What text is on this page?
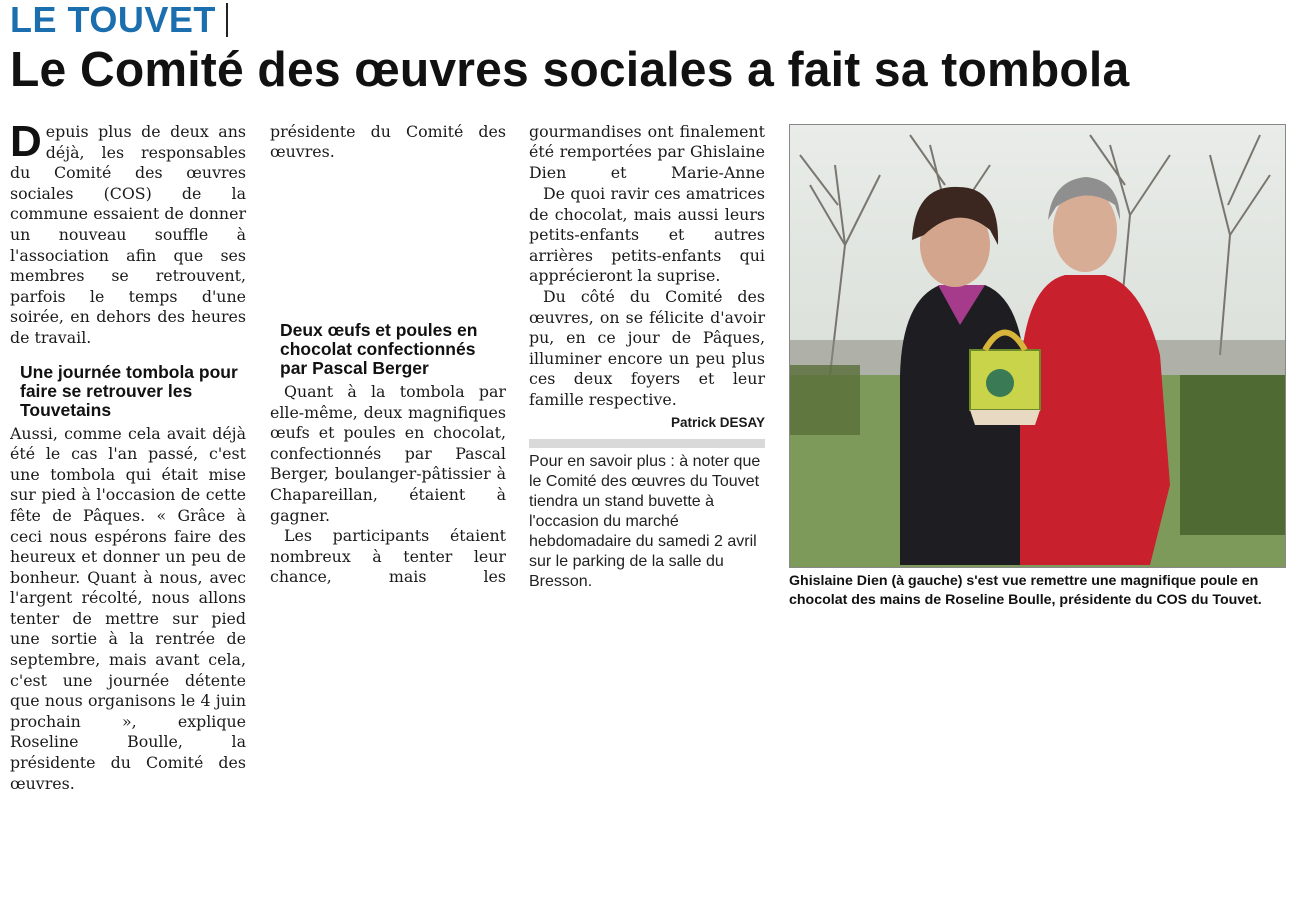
LE TOUVET
Le Comité des œuvres sociales a fait sa tombola

Depuis plus de deux ans déjà, les responsables du Comité des œuvres sociales (COS) de la commune essaient de donner un nouveau souffle à l'association afin que ses membres se retrouvent, parfois le temps d'une soirée, en dehors des heures de travail.

Une journée tombola pour faire se retrouver les Touvetains

Aussi, comme cela avait déjà été le cas l'an passé, c'est une tombola qui était mise sur pied à l'occasion de cette fête de Pâques. « Grâce à ceci nous espérons faire des heureux et donner un peu de bonheur. Quant à nous, avec l'argent récolté, nous allons tenter de mettre sur pied une sortie à la rentrée de septembre, mais avant cela, c'est une journée détente que nous organisons le 4 juin prochain », explique Roseline Boulle, la présidente du Comité des œuvres.

présidente du Comité des œuvres.

Deux œufs et poules en chocolat confectionnés par Pascal Berger

Quant à la tombola par elle-même, deux magnifiques œufs et poules en chocolat, confectionnés par Pascal Berger, boulanger-pâtissier à Chapareillan, étaient à gagner.

Les participants étaient nombreux à tenter leur chance, mais les

gourmandises ont finalement été remportées par Ghislaine Dien et Marie-Anne

De quoi ravir ces amatrices de chocolat, mais aussi leurs petits-enfants et autres arrières petits-enfants qui apprécieront la suprise.

Du côté du Comité des œuvres, on se félicite d'avoir pu, en ce jour de Pâques, illuminer encore un peu plus ces deux foyers et leur famille respective.

Patrick DESAY
Pour en savoir plus : à noter que le Comité des œuvres du Touvet tiendra un stand buvette à l'occasion du marché hebdomadaire du samedi 2 avril sur le parking de la salle du Bresson.	Ghislaine Dien (à gauche) s'est vue remettre une magnifique poule en chocolat des mains de Roseline Boulle, présidente du COS du Touvet.
